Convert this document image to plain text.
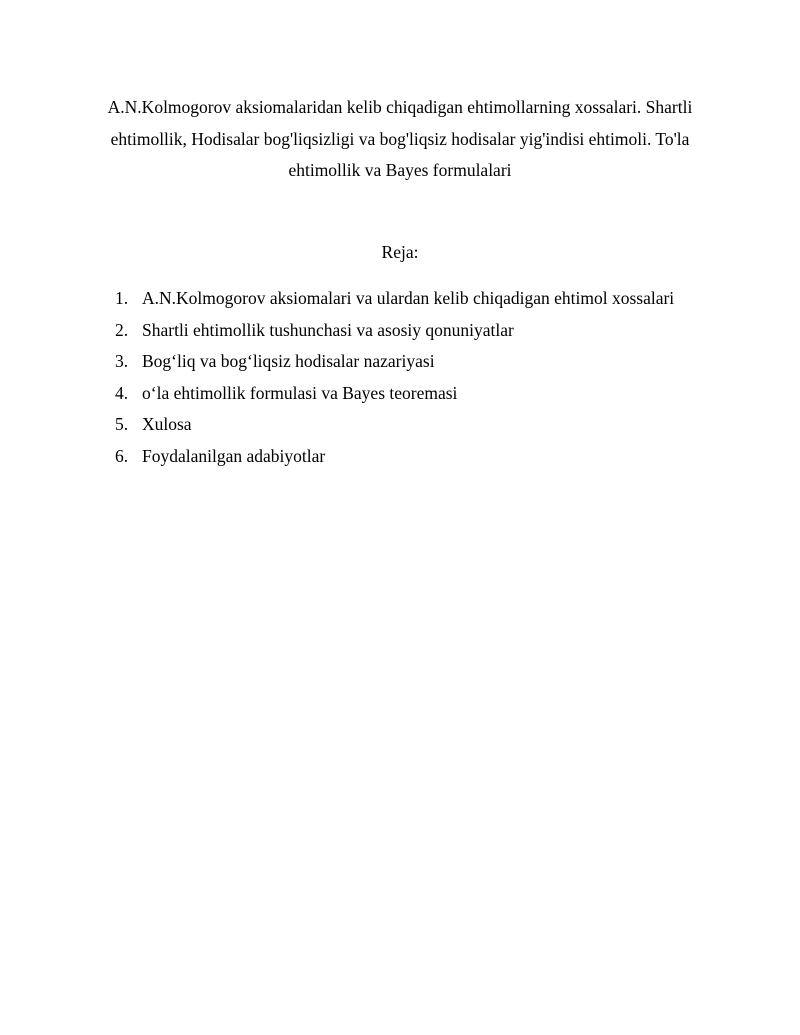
A.N.Kolmogorov aksiomalaridan kelib chiqadigan ehtimollarning xossalari. Shartli ehtimollik, Hodisalar bog'liqsizligi va bog'liqsiz hodisalar yig'indisi ehtimoli. To'la ehtimollik va Bayes formulalari

Reja:

1. A.N.Kolmogorov aksiomalari va ulardan kelib chiqadigan ehtimol xossalari
2. Shartli ehtimollik tushunchasi va asosiy qonuniyatlar
3. Bog‘liq va bog‘liqsiz hodisalar nazariyasi
4. o‘la ehtimollik formulasi va Bayes teoremasi
5. Xulosa
6. Foydalanilgan adabiyotlar
